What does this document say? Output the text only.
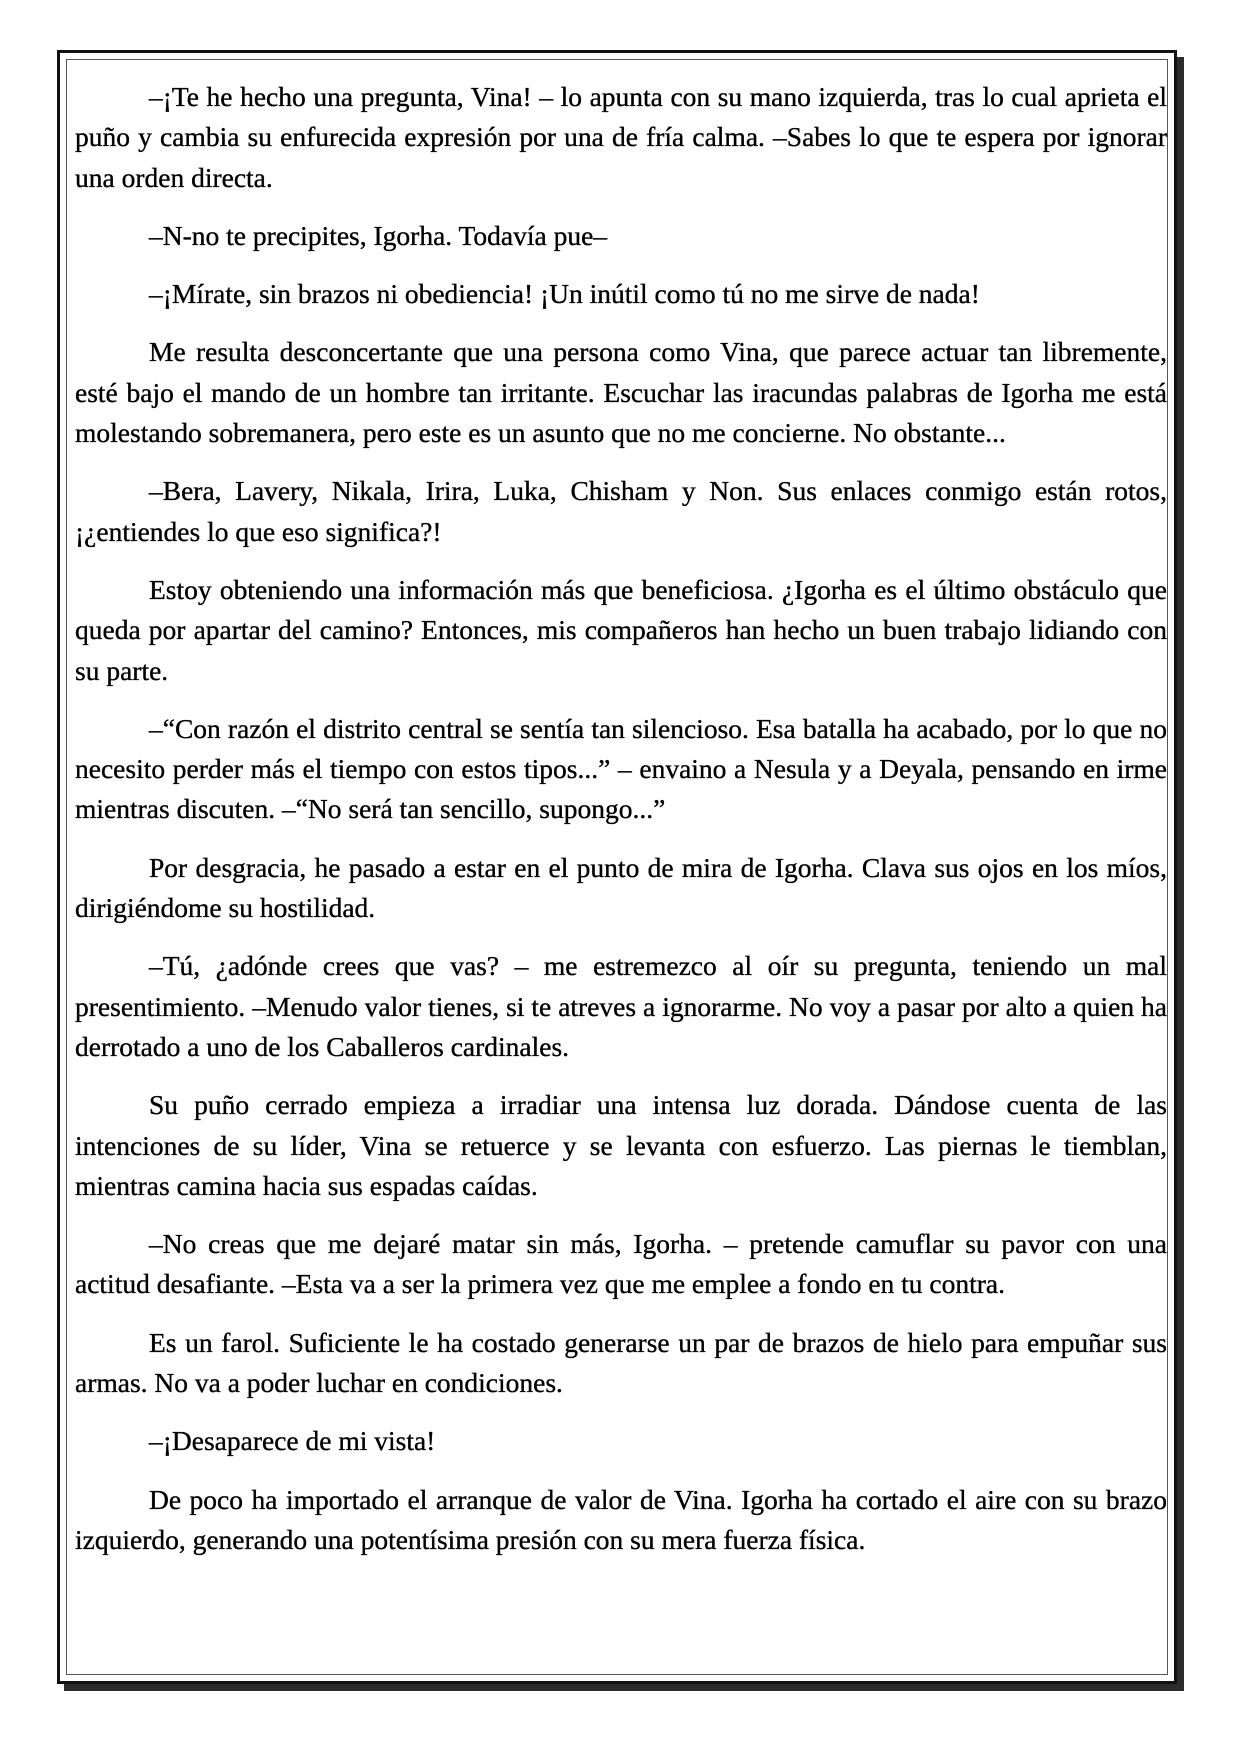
–¡Te he hecho una pregunta, Vina! – lo apunta con su mano izquierda, tras lo cual aprieta el puño y cambia su enfurecida expresión por una de fría calma. –Sabes lo que te espera por ignorar una orden directa.

–N-no te precipites, Igorha. Todavía pue–

–¡Mírate, sin brazos ni obediencia! ¡Un inútil como tú no me sirve de nada!

Me resulta desconcertante que una persona como Vina, que parece actuar tan libremente, esté bajo el mando de un hombre tan irritante. Escuchar las iracundas palabras de Igorha me está molestando sobremanera, pero este es un asunto que no me concierne. No obstante...

–Bera, Lavery, Nikala, Irira, Luka, Chisham y Non. Sus enlaces conmigo están rotos, ¡¿entiendes lo que eso significa?!

Estoy obteniendo una información más que beneficiosa. ¿Igorha es el último obstáculo que queda por apartar del camino? Entonces, mis compañeros han hecho un buen trabajo lidiando con su parte.

–“Con razón el distrito central se sentía tan silencioso. Esa batalla ha acabado, por lo que no necesito perder más el tiempo con estos tipos...” – envaino a Nesula y a Deyala, pensando en irme mientras discuten. –“No será tan sencillo, supongo...”

Por desgracia, he pasado a estar en el punto de mira de Igorha. Clava sus ojos en los míos, dirigiéndome su hostilidad.

–Tú, ¿adónde crees que vas? – me estremezco al oír su pregunta, teniendo un mal presentimiento. –Menudo valor tienes, si te atreves a ignorarme. No voy a pasar por alto a quien ha derrotado a uno de los Caballeros cardinales.

Su puño cerrado empieza a irradiar una intensa luz dorada. Dándose cuenta de las intenciones de su líder, Vina se retuerce y se levanta con esfuerzo. Las piernas le tiemblan, mientras camina hacia sus espadas caídas.

–No creas que me dejaré matar sin más, Igorha. – pretende camuflar su pavor con una actitud desafiante. –Esta va a ser la primera vez que me emplee a fondo en tu contra.

Es un farol. Suficiente le ha costado generarse un par de brazos de hielo para empuñar sus armas. No va a poder luchar en condiciones.

–¡Desaparece de mi vista!

De poco ha importado el arranque de valor de Vina. Igorha ha cortado el aire con su brazo izquierdo, generando una potentísima presión con su mera fuerza física.
